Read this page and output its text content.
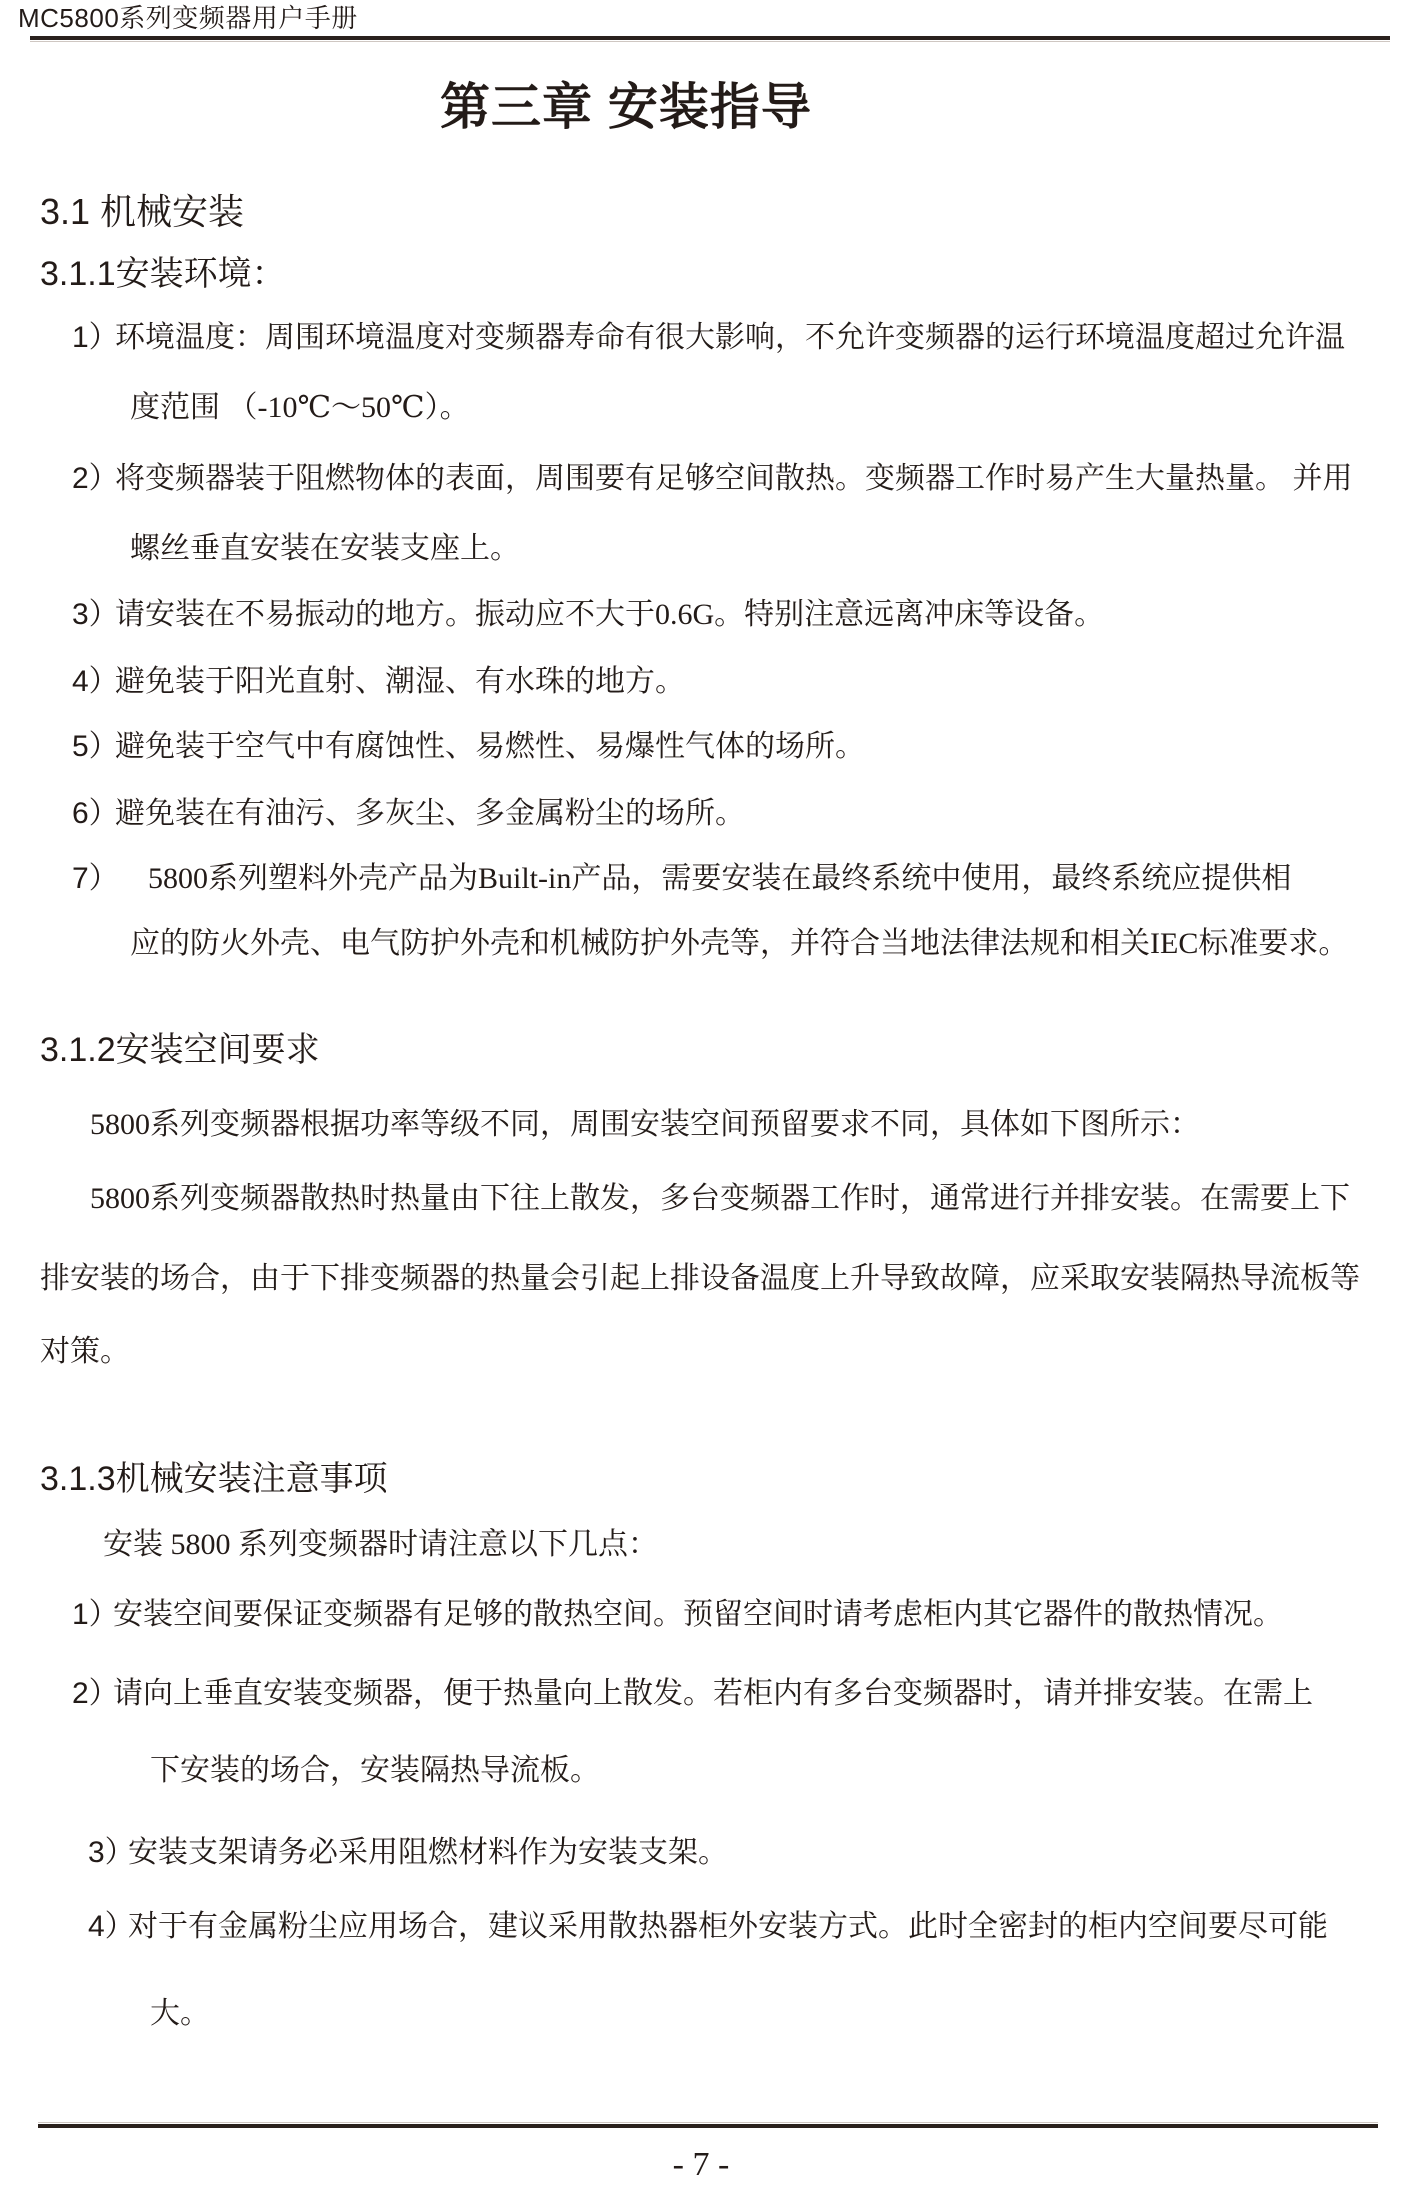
MC5800系列变频器用户手册
第三章 安装指导
3.1 机械安装
3.1.1安装环境：
1）
环境温度：周围环境温度对变频器寿命有很大影响，不允许变频器的运行环境温度超过允许温
度范围 （-10℃～50℃）。
2）
将变频器装于阻燃物体的表面，周围要有足够空间散热。变频器工作时易产生大量热量。 并用
螺丝垂直安装在安装支座上。
3）
请安装在不易振动的地方。振动应不大于0.6G。特别注意远离冲床等设备。
4）
避免装于阳光直射、潮湿、有水珠的地方。
5）
避免装于空气中有腐蚀性、易燃性、易爆性气体的场所。
6）
避免装在有油污、多灰尘、多金属粉尘的场所。
7） 5800系列塑料外壳产品为Built-in产品，需要安装在最终系统中使用，最终系统应提供相
应的防火外壳、电气防护外壳和机械防护外壳等，并符合当地法律法规和相关IEC标准要求。
3.1.2安装空间要求
5800系列变频器根据功率等级不同，周围安装空间预留要求不同，具体如下图所示：
5800系列变频器散热时热量由下往上散发，多台变频器工作时，通常进行并排安装。在需要上下
排安装的场合，由于下排变频器的热量会引起上排设备温度上升导致故障，应采取安装隔热导流板等
对策。
3.1.3机械安装注意事项
安装 5800 系列变频器时请注意以下几点：
1）
安装空间要保证变频器有足够的散热空间。预留空间时请考虑柜内其它器件的散热情况。
2）
请向上垂直安装变频器，便于热量向上散发。若柜内有多台变频器时，请并排安装。在需上
下安装的场合，安装隔热导流板。
3）
安装支架请务必采用阻燃材料作为安装支架。
4）
对于有金属粉尘应用场合，建议采用散热器柜外安装方式。此时全密封的柜内空间要尽可能
大。
- 7 -
